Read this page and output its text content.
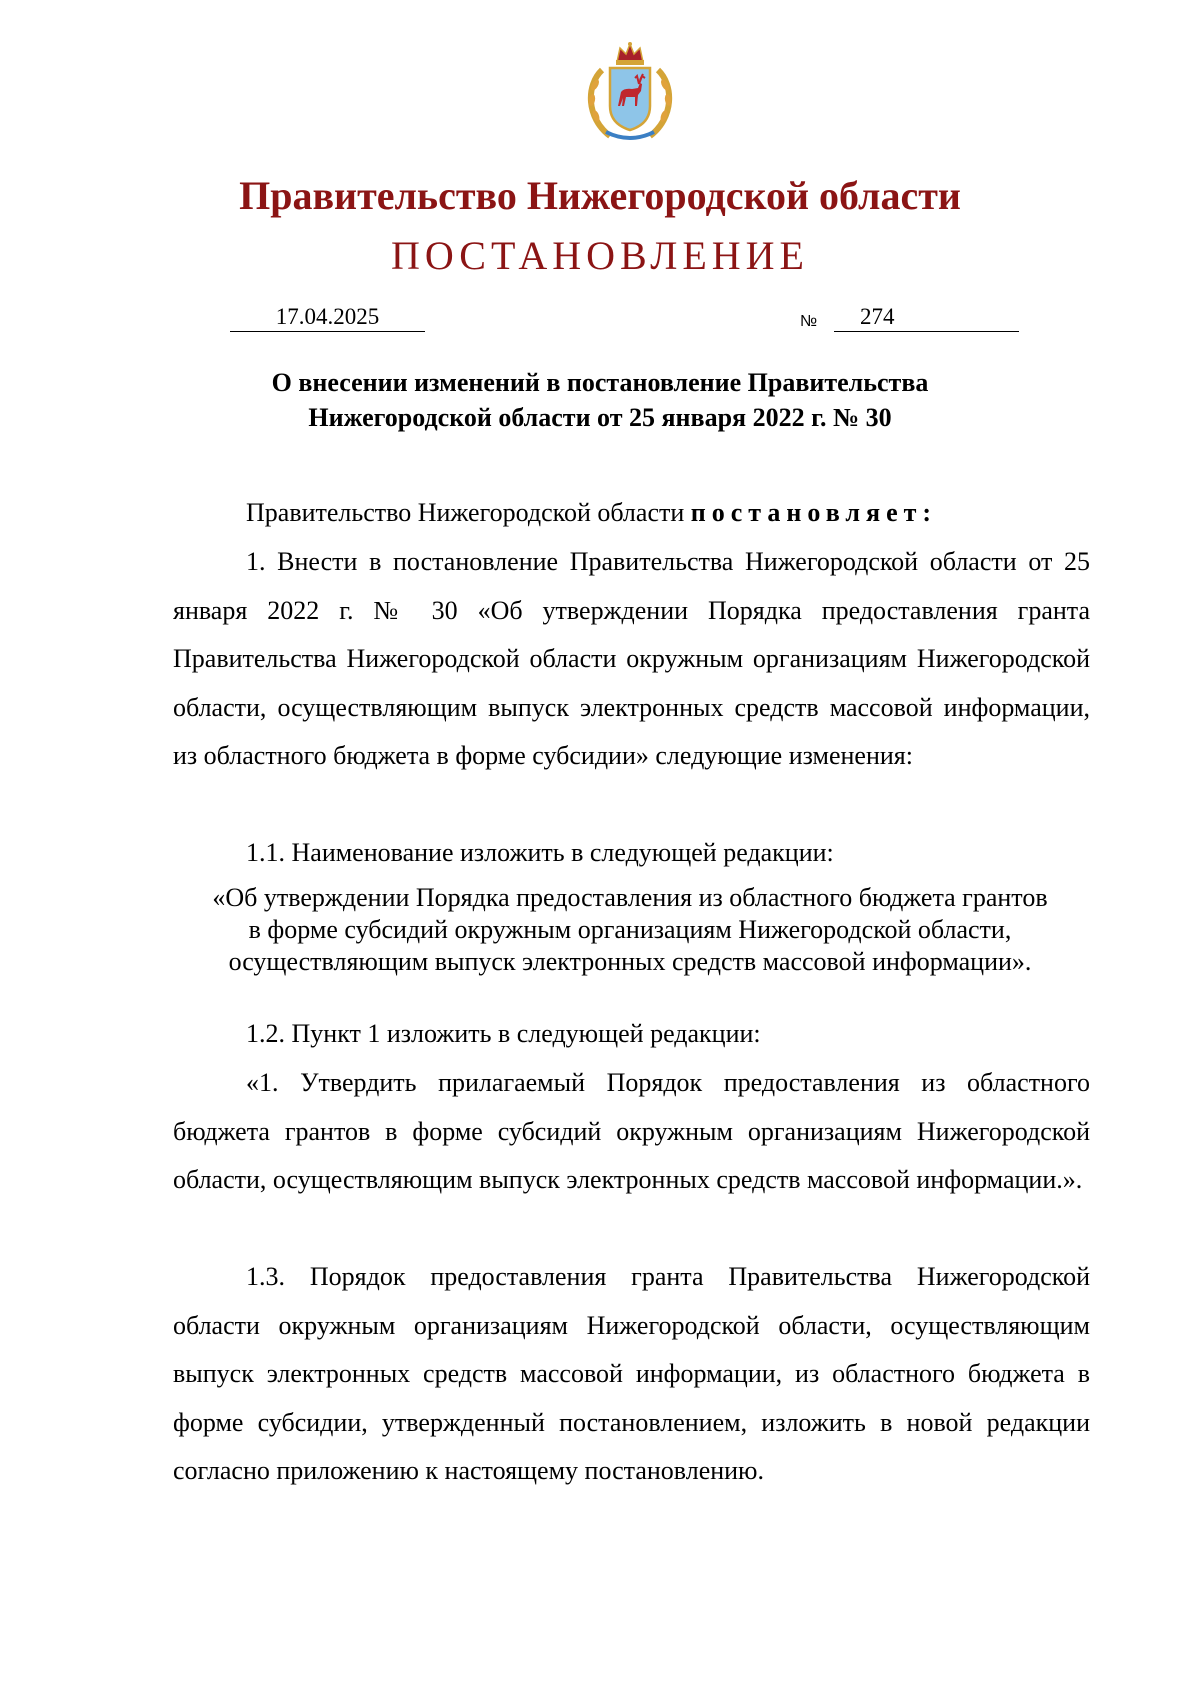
Правительство Нижегородской области
ПОСТАНОВЛЕНИЕ
17.04.2025	№	274
О внесении изменений в постановление Правительства
Нижегородской области от 25 января 2022 г. № 30

Правительство Нижегородской области постановляет:

1. Внести в постановление Правительства Нижегородской области от 25 января 2022 г. № 30 «Об утверждении Порядка предоставления гранта Правительства Нижегородской области окружным организациям Нижегородской области, осуществляющим выпуск электронных средств массовой информации, из областного бюджета в форме субсидии» следующие изменения:

1.1. Наименование изложить в следующей редакции:

«Об утверждении Порядка предоставления из областного бюджета грантов
в форме субсидий окружным организациям Нижегородской области,
осуществляющим выпуск электронных средств массовой информации».

1.2. Пункт 1 изложить в следующей редакции:

«1. Утвердить прилагаемый Порядок предоставления из областного бюджета грантов в форме субсидий окружным организациям Нижегородской области, осуществляющим выпуск электронных средств массовой информации.».

1.3. Порядок предоставления гранта Правительства Нижегородской области окружным организациям Нижегородской области, осуществляющим выпуск электронных средств массовой информации, из областного бюджета в форме субсидии, утвержденный постановлением, изложить в новой редакции согласно приложению к настоящему постановлению.
